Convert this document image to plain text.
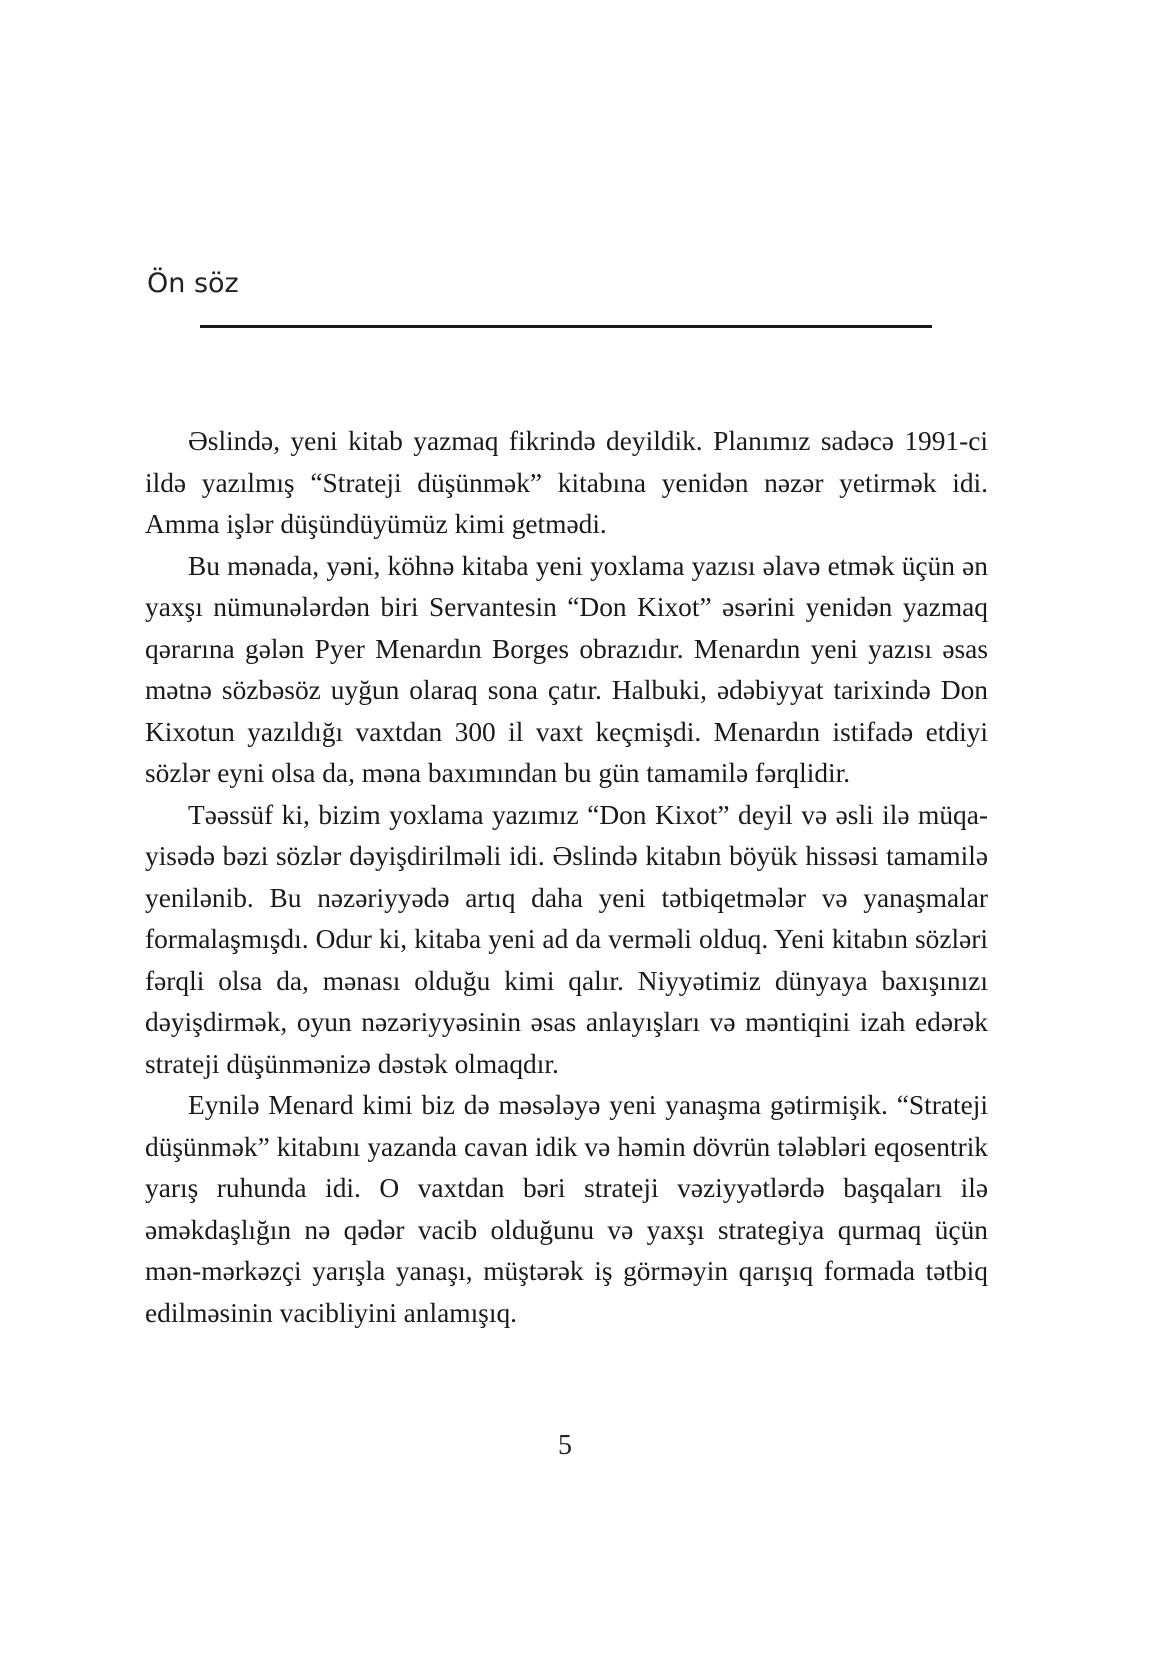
Ön söz

Əslində, yeni kitab yazmaq fikrində deyildik. Planımız sadəcə 1991-ci ildə yazılmış “Strateji düşünmək” kitabına yenidən nəzər yetirmək idi. Amma işlər düşündüyümüz kimi getmədi.

Bu mənada, yəni, köhnə kitaba yeni yoxlama yazısı əlavə etmək üçün ən yaxşı nümunələrdən biri Servantesin “Don Kixot” əsərini yenidən yazmaq qərarına gələn Pyer Menardın Borges obrazıdır. Menardın yeni yazısı əsas mətnə sözbəsöz uyğun olaraq sona çatır. Halbuki, ədəbiyyat tarixində Don Kixotun yazıldığı vaxtdan 300 il vaxt keçmişdi. Menardın istifadə etdiyi sözlər eyni olsa da, məna baxımından bu gün tamamilə fərqlidir.

Təəssüf ki, bizim yoxlama yazımız “Don Kixot” deyil və əsli ilə müqayisədə bəzi sözlər dəyişdirilməli idi. Əslində kitabın böyük hissəsi tamamilə yenilənib. Bu nəzəriyyədə artıq daha yeni tətbiqetmələr və yanaşmalar formalaşmışdı. Odur ki, kitaba yeni ad da verməli olduq. Yeni kitabın sözləri fərqli olsa da, mənası olduğu kimi qalır. Niyyətimiz dünyaya baxışınızı dəyişdirmək, oyun nəzəriyyəsinin əsas anlayışları və məntiqini izah edərək strateji düşünmənizə dəstək olmaqdır.

Eynilə Menard kimi biz də məsələyə yeni yanaşma gətirmişik. “Strateji düşünmək” kitabını yazanda cavan idik və həmin dövrün tələbləri eqosentrik yarış ruhunda idi. O vaxtdan bəri strateji vəziyyətlərdə başqaları ilə əməkdaşlığın nə qədər vacib olduğunu və yaxşı strategiya qurmaq üçün mən-mərkəzçi yarışla yanaşı, müştərək iş görməyin qarışıq formada tətbiq edilməsinin vacibliyini anlamışıq.

5
